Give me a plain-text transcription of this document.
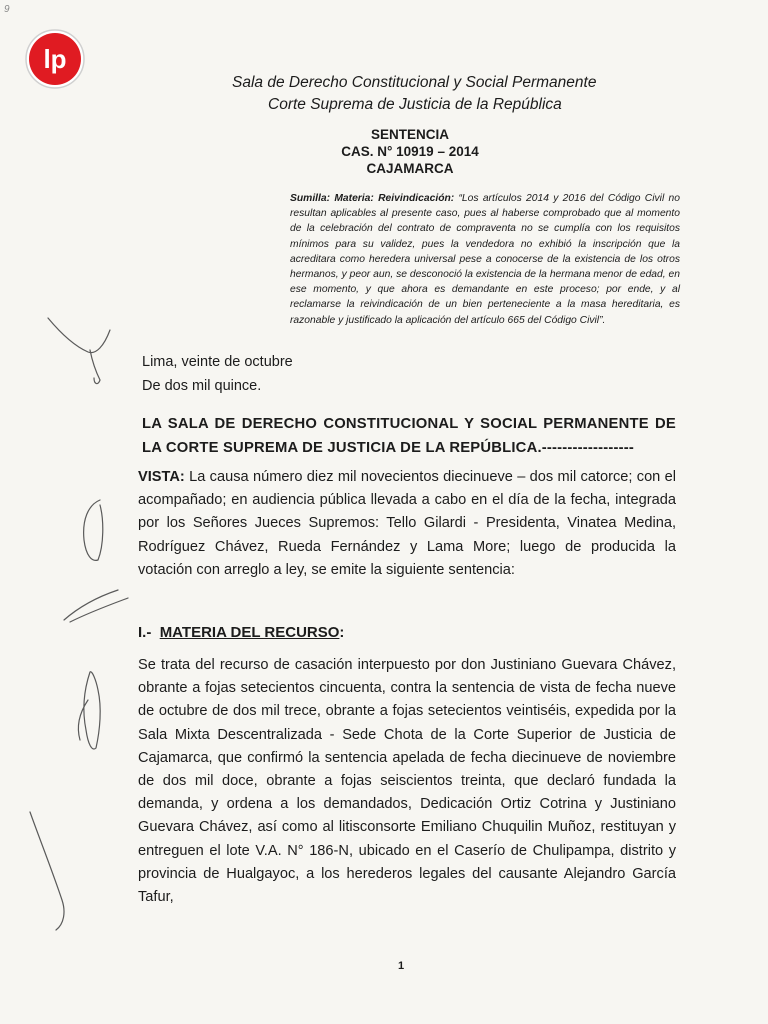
9
lp
Sala de Derecho Constitucional y Social Permanente
Corte Suprema de Justicia de la República
SENTENCIA
CAS. N° 10919 – 2014
CAJAMARCA
Sumilla: Materia: Reivindicación: “Los artículos 2014 y 2016 del Código Civil no resultan aplicables al presente caso, pues al haberse comprobado que al momento de la celebración del contrato de compraventa no se cumplía con los requisitos mínimos para su validez, pues la vendedora no exhibió la inscripción que la acreditara como heredera universal pese a conocerse de la existencia de los otros hermanos, y peor aun, se desconoció la existencia de la hermana menor de edad, en ese momento, y que ahora es demandante en este proceso; por ende, y al reclamarse la reivindicación de un bien perteneciente a la masa hereditaria, es razonable y justificado la aplicación del artículo 665 del Código Civil”.
Lima, veinte de octubre
De dos mil quince.
LA SALA DE DERECHO CONSTITUCIONAL Y SOCIAL PERMANENTE DE LA CORTE SUPREMA DE JUSTICIA DE LA REPÚBLICA.------------------
VISTA: La causa número diez mil novecientos diecinueve – dos mil catorce; con el acompañado; en audiencia pública llevada a cabo en el día de la fecha, integrada por los Señores Jueces Supremos: Tello Gilardi - Presidenta, Vinatea Medina, Rodríguez Chávez, Rueda Fernández y Lama More; luego de producida la votación con arreglo a ley, se emite la siguiente sentencia:
I.- MATERIA DEL RECURSO:
Se trata del recurso de casación interpuesto por don Justiniano Guevara Chávez, obrante a fojas setecientos cincuenta, contra la sentencia de vista de fecha nueve de octubre de dos mil trece, obrante a fojas setecientos veintiséis, expedida por la Sala Mixta Descentralizada - Sede Chota de la Corte Superior de Justicia de Cajamarca, que confirmó la sentencia apelada de fecha diecinueve de noviembre de dos mil doce, obrante a fojas seiscientos treinta, que declaró fundada la demanda, y ordena a los demandados, Dedicación Ortiz Cotrina y Justiniano Guevara Chávez, así como al litisconsorte Emiliano Chuquilin Muñoz, restituyan y entreguen el lote V.A. N° 186-N, ubicado en el Caserío de Chulipampa, distrito y provincia de Hualgayoc, a los herederos legales del causante Alejandro García Tafur,
1
